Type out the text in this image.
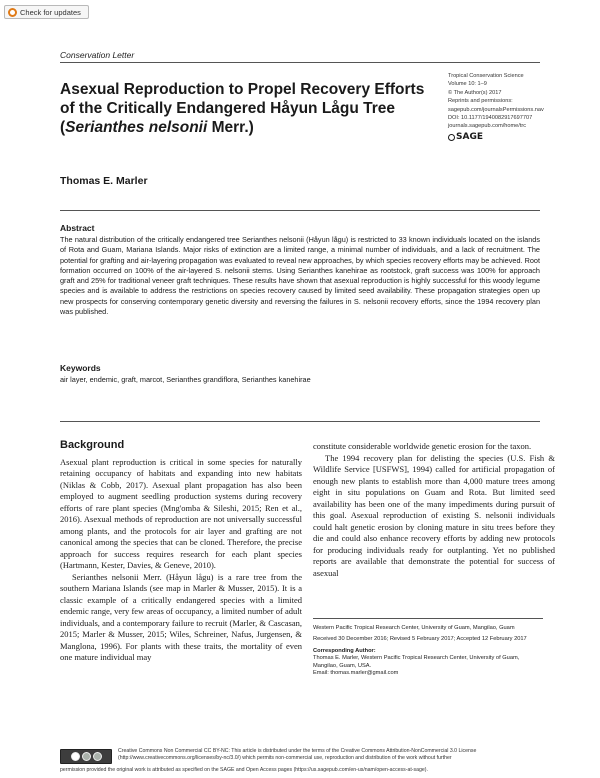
Check for updates
Conservation Letter
Asexual Reproduction to Propel Recovery Efforts of the Critically Endangered Håyun Lågu Tree (Serianthes nelsonii Merr.)
Tropical Conservation Science
Volume 10: 1–9
© The Author(s) 2017
Reprints and permissions:
sagepub.com/journalsPermissions.nav
DOI: 10.1177/1940082917697707
journals.sagepub.com/home/trc
SAGE
Thomas E. Marler
Abstract

The natural distribution of the critically endangered tree Serianthes nelsonii (Håyun lågu) is restricted to 33 known individuals located on the islands of Rota and Guam, Mariana Islands. Major risks of extinction are a limited range, a minimal number of individuals, and a lack of recruitment. The potential for grafting and air-layering propagation was evaluated to reveal new approaches, by which species recovery efforts may be achieved. Root formation occurred on 100% of the air-layered S. nelsonii stems. Using Serianthes kanehirae as rootstock, graft success was 100% for approach graft and 25% for traditional veneer graft techniques. These results have shown that asexual reproduction is highly successful for this woody legume species and is available to address the restrictions on species recovery caused by limited seed availability. These propagation strategies open up new prospects for conserving contemporary genetic diversity and reversing the failures in S. nelsonii recovery efforts, since the 1994 recovery plan was published.

Keywords

air layer, endemic, graft, marcot, Serianthes grandiflora, Serianthes kanehirae

Background

Asexual plant reproduction is critical in some species for naturally retaining occupancy of habitats and expanding into new habitats (Niklas & Cobb, 2017). Asexual plant propagation has also been employed to augment seedling production systems during recovery efforts of rare plant species (Mng'omba & Sileshi, 2015; Ren et al., 2016). Asexual methods of reproduction are not universally successful among plants, and the protocols for air layer and grafting are not canonical among the species that can be cloned. Therefore, the precise approach for success requires research for each plant species (Hartmann, Kester, Davies, & Geneve, 2010).

Serianthes nelsonii Merr. (Håyun lågu) is a rare tree from the southern Mariana Islands (see map in Marler & Musser, 2015). It is a classic example of a critically endangered species with a limited endemic range, very few areas of occupancy, a limited number of adult individuals, and a contemporary failure to recruit (Marler, & Cascasan, 2015; Marler & Musser, 2015; Wiles, Schreiner, Nafus, Jurgensen, & Manglona, 1996). For plants with these traits, the mortality of even one mature individual may

constitute considerable worldwide genetic erosion for the taxon.

The 1994 recovery plan for delisting the species (U.S. Fish & Wildlife Service [USFWS], 1994) called for artificial propagation of enough new plants to establish more than 4,000 mature trees among eight in situ populations on Guam and Rota. But limited seed availability has been one of the many impediments during pursuit of this goal. Asexual reproduction of existing S. nelsonii individuals could halt genetic erosion by cloning mature in situ trees before they die and could also enhance recovery efforts by adding new protocols for producing individuals ready for outplanting. Yet no published reports are available that demonstrate the potential for success of asexual

Western Pacific Tropical Research Center, University of Guam, Mangilao, Guam

Received 30 December 2016; Revised 5 February 2017; Accepted 12 February 2017

Corresponding Author:

Thomas E. Marler, Western Pacific Tropical Research Center, University of Guam, Mangilao, Guam, USA.

Email: thomas.marler@gmail.com

Creative Commons Non Commercial CC BY-NC: This article is distributed under the terms of the Creative Commons Attribution-NonCommercial 3.0 License (http://www.creativecommons.org/licenses/by-nc/3.0/) which permits non-commercial use, reproduction and distribution of the work without further
permission provided the original work is attributed as specified on the SAGE and Open Access pages (https://us.sagepub.com/en-us/nam/open-access-at-sage).
